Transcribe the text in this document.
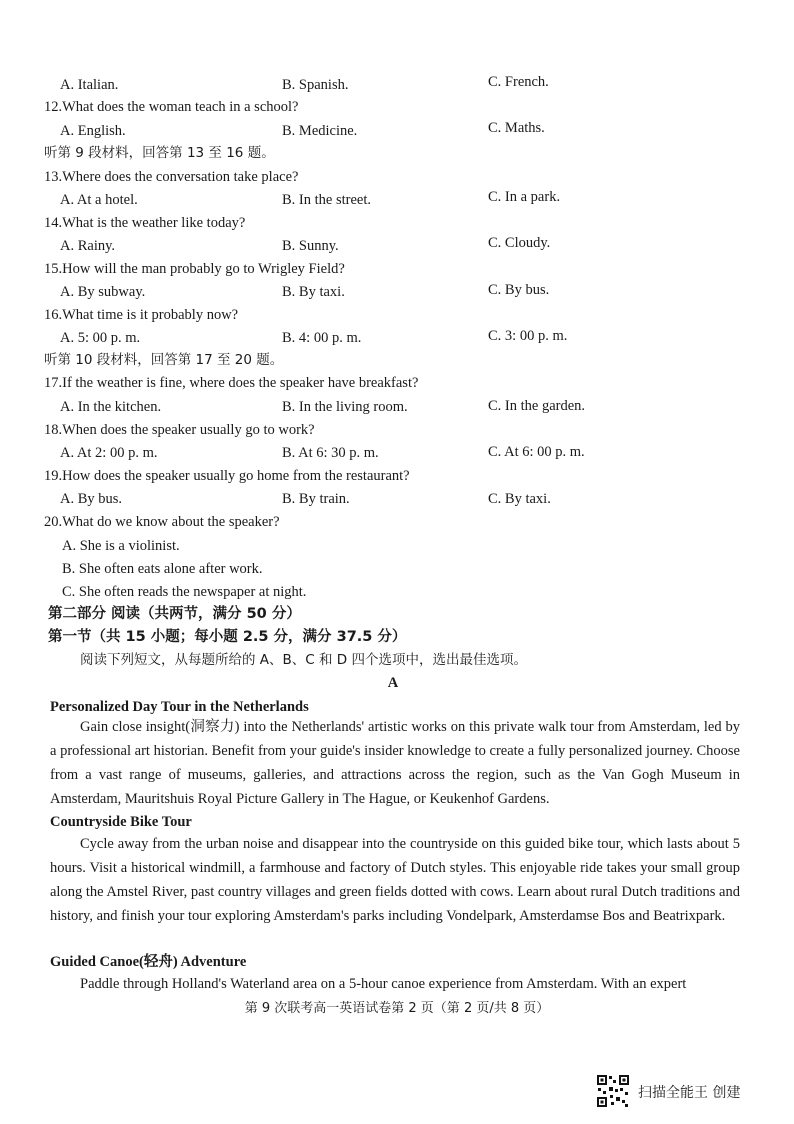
A. Italian.	B. Spanish.	C. French.
12.What does the woman teach in a school?
A. English.	B. Medicine.	C. Maths.
听第 9 段材料，回答第 13 至 16 题。
13.Where does the conversation take place?
A. At a hotel.	B. In the street.	C. In a park.
14.What is the weather like today?
A. Rainy.	B. Sunny.	C. Cloudy.
15.How will the man probably go to Wrigley Field?
A. By subway.	B. By taxi.	C. By bus.
16.What time is it probably now?
A. 5: 00 p. m.	B. 4: 00 p. m.	C. 3: 00 p. m.
听第 10 段材料，回答第 17 至 20 题。
17.If the weather is fine, where does the speaker have breakfast?
A. In the kitchen.	B. In the living room.	C. In the garden.
18.When does the speaker usually go to work?
A. At 2: 00 p. m.	B. At 6: 30 p. m.	C. At 6: 00 p. m.
19.How does the speaker usually go home from the restaurant?
A. By bus.	B. By train.	C. By taxi.
20.What do we know about the speaker?
A. She is a violinist.
B. She often eats alone after work.
C. She often reads the newspaper at night.
第二部分 阅读（共两节，满分 50 分）
第一节（共 15 小题；每小题 2.5 分，满分 37.5 分）
阅读下列短文，从每题所给的 A、B、C 和 D 四个选项中，选出最佳选项。
A
Personalized Day Tour in the Netherlands
Gain close insight(洞察力) into the Netherlands' artistic works on this private walk tour from Amsterdam, led by a professional art historian. Benefit from your guide's insider knowledge to create a fully personalized journey. Choose from a vast range of museums, galleries, and attractions across the region, such as the Van Gogh Museum in Amsterdam, Mauritshuis Royal Picture Gallery in The Hague, or Keukenhof Gardens.
Countryside Bike Tour
Cycle away from the urban noise and disappear into the countryside on this guided bike tour, which lasts about 5 hours. Visit a historical windmill, a farmhouse and factory of Dutch styles. This enjoyable ride takes your small group along the Amstel River, past country villages and green fields dotted with cows. Learn about rural Dutch traditions and history, and finish your tour exploring Amsterdam's parks including Vondelpark, Amsterdamse Bos and Beatrixpark.
Guided Canoe(轻舟) Adventure
Paddle through Holland's Waterland area on a 5-hour canoe experience from Amsterdam. With an expert
第 9 次联考高一英语试卷第 2 页（第 2 页/共 8 页）
扫描全能王 创建
